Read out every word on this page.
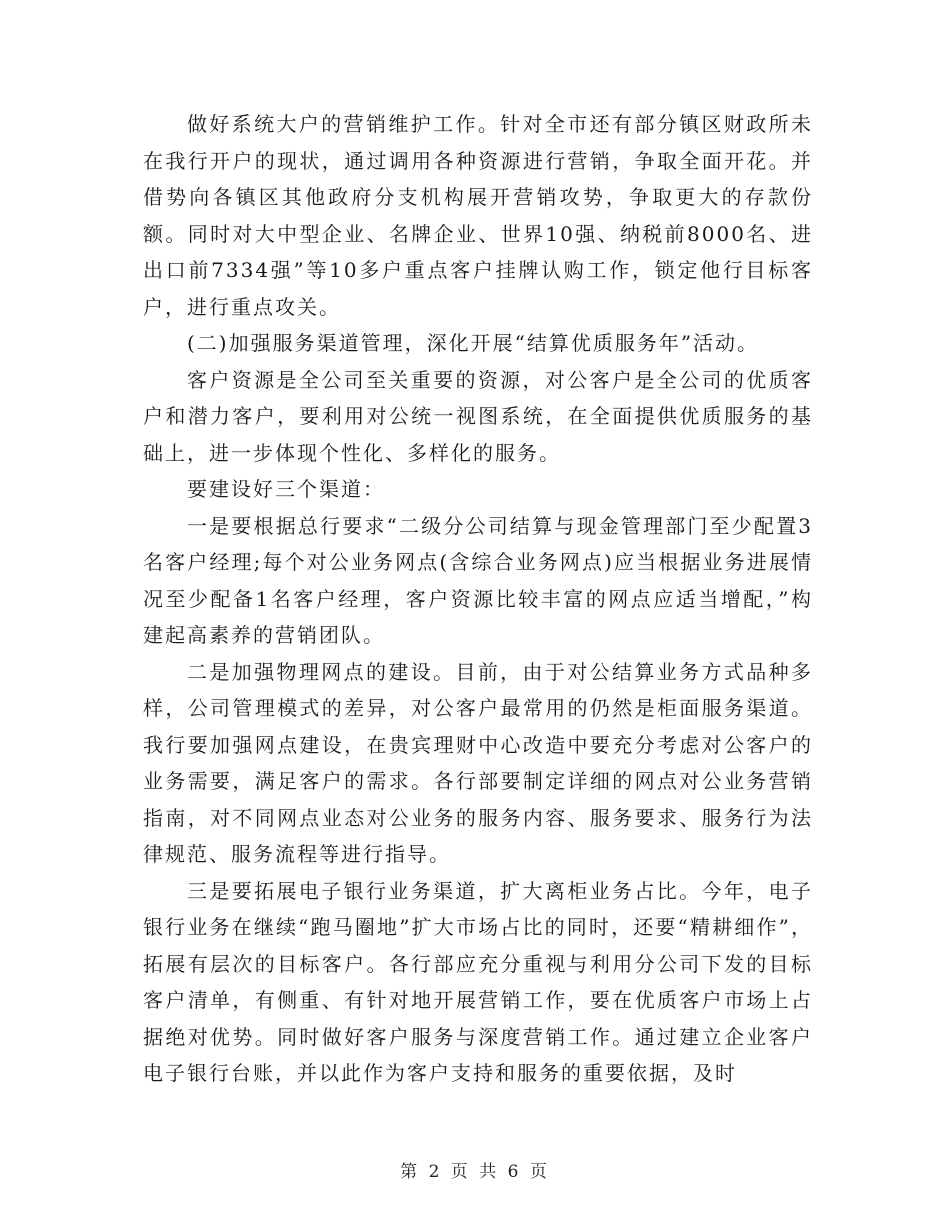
做好系统大户的营销维护工作。针对全市还有部分镇区财政所未在我行开户的现状，通过调用各种资源进行营销，争取全面开花。并借势向各镇区其他政府分支机构展开营销攻势，争取更大的存款份额。同时对大中型企业、名牌企业、世界10强、纳税前8000名、进出口前7334强”等10多户重点客户挂牌认购工作，锁定他行目标客户，进行重点攻关。

(二)加强服务渠道管理，深化开展“结算优质服务年”活动。

客户资源是全公司至关重要的资源，对公客户是全公司的优质客户和潜力客户，要利用对公统一视图系统，在全面提供优质服务的基础上，进一步体现个性化、多样化的服务。

要建设好三个渠道：

一是要根据总行要求“二级分公司结算与现金管理部门至少配置3名客户经理;每个对公业务网点(含综合业务网点)应当根据业务进展情况至少配备1名客户经理，客户资源比较丰富的网点应适当增配，”构建起高素养的营销团队。

二是加强物理网点的建设。目前，由于对公结算业务方式品种多样，公司管理模式的差异，对公客户最常用的仍然是柜面服务渠道。我行要加强网点建设，在贵宾理财中心改造中要充分考虑对公客户的业务需要，满足客户的需求。各行部要制定详细的网点对公业务营销指南，对不同网点业态对公业务的服务内容、服务要求、服务行为法律规范、服务流程等进行指导。

三是要拓展电子银行业务渠道，扩大离柜业务占比。今年，电子银行业务在继续“跑马圈地”扩大市场占比的同时，还要“精耕细作”，拓展有层次的目标客户。各行部应充分重视与利用分公司下发的目标客户清单，有侧重、有针对地开展营销工作，要在优质客户市场上占据绝对优势。同时做好客户服务与深度营销工作。通过建立企业客户电子银行台账，并以此作为客户支持和服务的重要依据，及时

第 2 页 共 6 页
